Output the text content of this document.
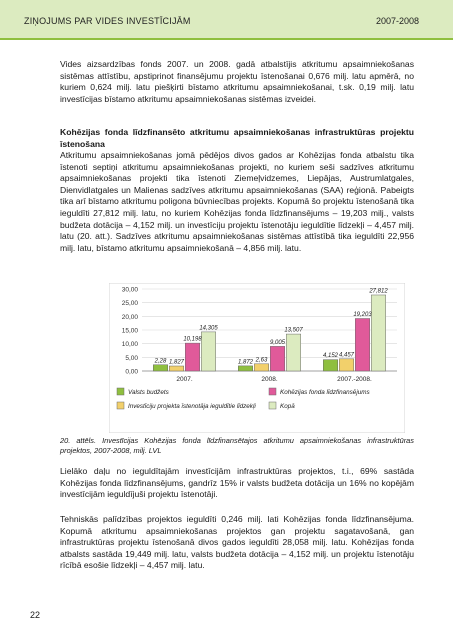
ZIŅOJUMS PAR VIDES INVESTĪCIJĀM	2007-2008
Vides aizsardzības fonds 2007. un 2008. gadā atbalstījis atkritumu apsaimniekošanas sistēmas attīstību, apstiprinot finansējumu projektu īstenošanai 0,676 milj. latu apmērā, no kuriem 0,624 milj. latu piešķirti bīstamo atkritumu apsaimniekošanai, t.sk. 0,19 milj. latu investīcijas bīstamo atkritumu apsaimniekošanas sistēmas izveidei.
Kohēzijas fonda līdzfinansēto atkritumu apsaimniekošanas infrastruktūras projektu īstenošana
Atkritumu apsaimniekošanas jomā pēdējos divos gados ar Kohēzijas fonda atbalstu tika īstenoti septiņi atkritumu apsaimniekošanas projekti, no kuriem seši sadzīves atkritumu apsaimniekošanas projekti tika īstenoti Ziemeļvidzemes, Liepājas, Austrumlatgales, Dienvidlatgales un Malienas sadzīves atkritumu apsaimniekošanas (SAA) reģionā. Pabeigts tika arī bīstamo atkritumu poligona būvniecības projekts. Kopumā šo projektu īstenošanā tika ieguldīti 27,812 milj. latu, no kuriem Kohēzijas fonda līdzfinansējums – 19,203 milj., valsts budžeta dotācija – 4,152 milj. un investīciju projektu īstenotāju ieguldītie līdzekļi – 4,457 milj. latu (20. att.). Sadzīves atkritumu apsaimniekošanas sistēmas attīstībā tika ieguldīti 22,956 milj. latu, bīstamo atkritumu apsaimniekošanā – 4,856 milj. latu.
0,00
5,00
10,00
15,00
20,00
25,00
30,00
2,28 1,827
10,198
14,305
1,872 2,63
9,005
13,507
4,152 4,457
19,203
27,812
2007.	2008.	2007.-2008.
Valsts budžets
Investīciju projekta īstenotāja ieguldītie līdzekļi
Kohēzijas fonda līdzfinansējums
Kopā
20. attēls. Investīcijas Kohēzijas fonda līdzfinansētajos atkritumu apsaimniekošanas infrastruktūras projektos, 2007-2008, milj. LVL
Lielāko daļu no ieguldītajām investīcijām infrastruktūras projektos, t.i., 69% sastāda Kohēzijas fonda līdzfinansējums, gandrīz 15% ir valsts budžeta dotācija un 16% no kopējām investīcijām ieguldījuši projektu īstenotāji.
Tehniskās palīdzības projektos ieguldīti 0,246 milj. lati Kohēzijas fonda līdzfinansējuma. Kopumā atkritumu apsaimniekošanas projektos gan projektu sagatavošanā, gan infrastruktūras projektu īstenošanā divos gados ieguldīti 28,058 milj. latu. Kohēzijas fonda atbalsts sastāda 19,449 milj. latu, valsts budžeta dotācija – 4,152 milj. un projektu īstenotāju rīcībā esošie līdzekļi – 4,457 milj. latu.
22
